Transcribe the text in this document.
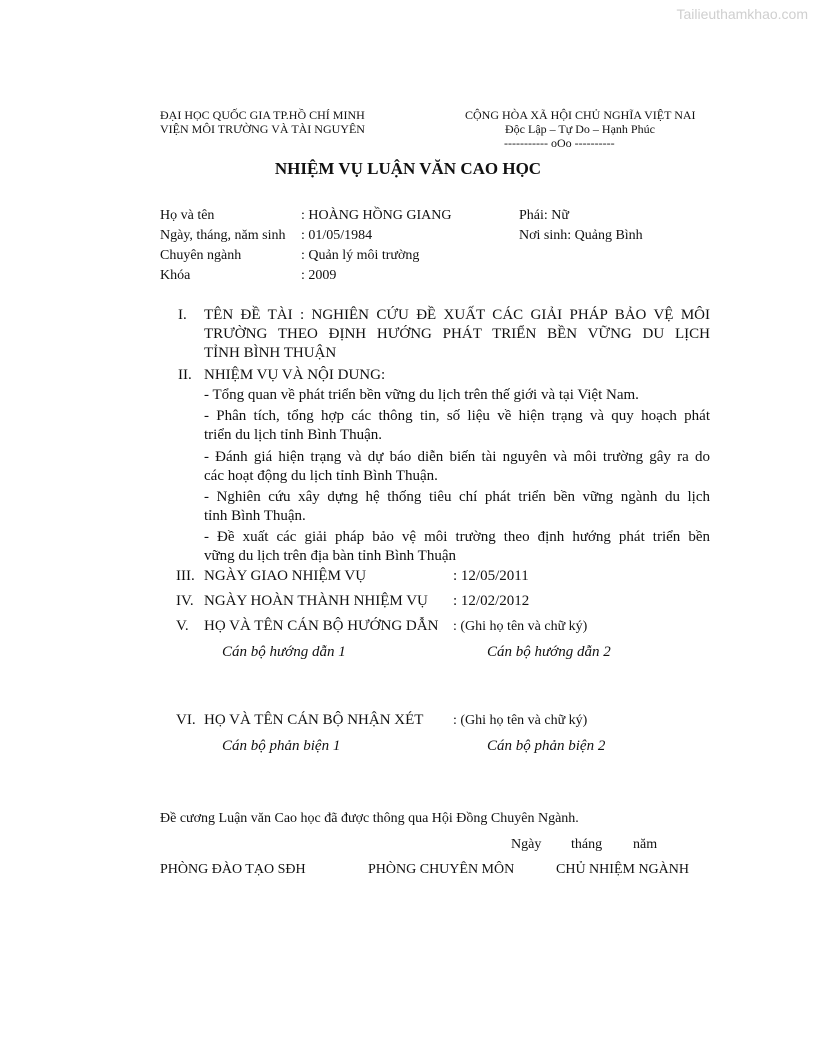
Tailieuthamkhao.com
ĐẠI HỌC QUỐC GIA TP.HỒ CHÍ MINH
VIỆN MÔI TRƯỜNG VÀ TÀI NGUYÊN
CỘNG HÒA XÃ HỘI CHỦ NGHĨA VIỆT NAI
Độc Lập – Tự Do – Hạnh Phúc
----------- oOo ----------
NHIỆM VỤ LUẬN VĂN CAO HỌC
Họ và tên	: HOÀNG HỒNG GIANG	Phái: Nữ
Ngày, tháng, năm sinh : 01/05/1984	Nơi sinh: Quảng Bình
Chuyên ngành	: Quản lý môi trường
Khóa	: 2009
I. TÊN ĐỀ TÀI : NGHIÊN CỨU ĐỀ XUẤT CÁC GIẢI PHÁP BẢO VỆ MÔI
TRƯỜNG THEO ĐỊNH HƯỚNG PHÁT TRIỂN BỀN VỮNG DU LỊCH
TỈNH BÌNH THUẬN
II. NHIỆM VỤ VÀ NỘI DUNG:
- Tổng quan về phát triển bền vững du lịch trên thế giới và tại Việt Nam.
- Phân tích, tổng hợp các thông tin, số liệu về hiện trạng và quy hoạch phát
triển du lịch tỉnh Bình Thuận.
- Đánh giá hiện trạng và dự báo diễn biến tài nguyên và môi trường gây ra do
các hoạt động du lịch tỉnh Bình Thuận.
- Nghiên cứu xây dựng hệ thống tiêu chí phát triển bền vững ngành du lịch
tỉnh Bình Thuận.
- Đề xuất các giải pháp bảo vệ môi trường theo định hướng phát triển bền
vững du lịch trên địa bàn tỉnh Bình Thuận
III. NGÀY GIAO NHIỆM VỤ	: 12/05/2011
IV. NGÀY HOÀN THÀNH NHIỆM VỤ : 12/02/2012
V. HỌ VÀ TÊN CÁN BỘ HƯỚNG DẪN : (Ghi họ tên và chữ ký)
Cán bộ hướng dẫn 1	Cán bộ hướng dẫn 2
VI. HỌ VÀ TÊN CÁN BỘ NHẬN XÉT : (Ghi họ tên và chữ ký)
Cán bộ phản biện 1	Cán bộ phản biện 2
Đề cương Luận văn Cao học đã được thông qua Hội Đồng Chuyên Ngành.
Ngày tháng năm
PHÒNG ĐÀO TẠO SĐH	PHÒNG CHUYÊN MÔN	CHỦ NHIỆM NGÀNH
